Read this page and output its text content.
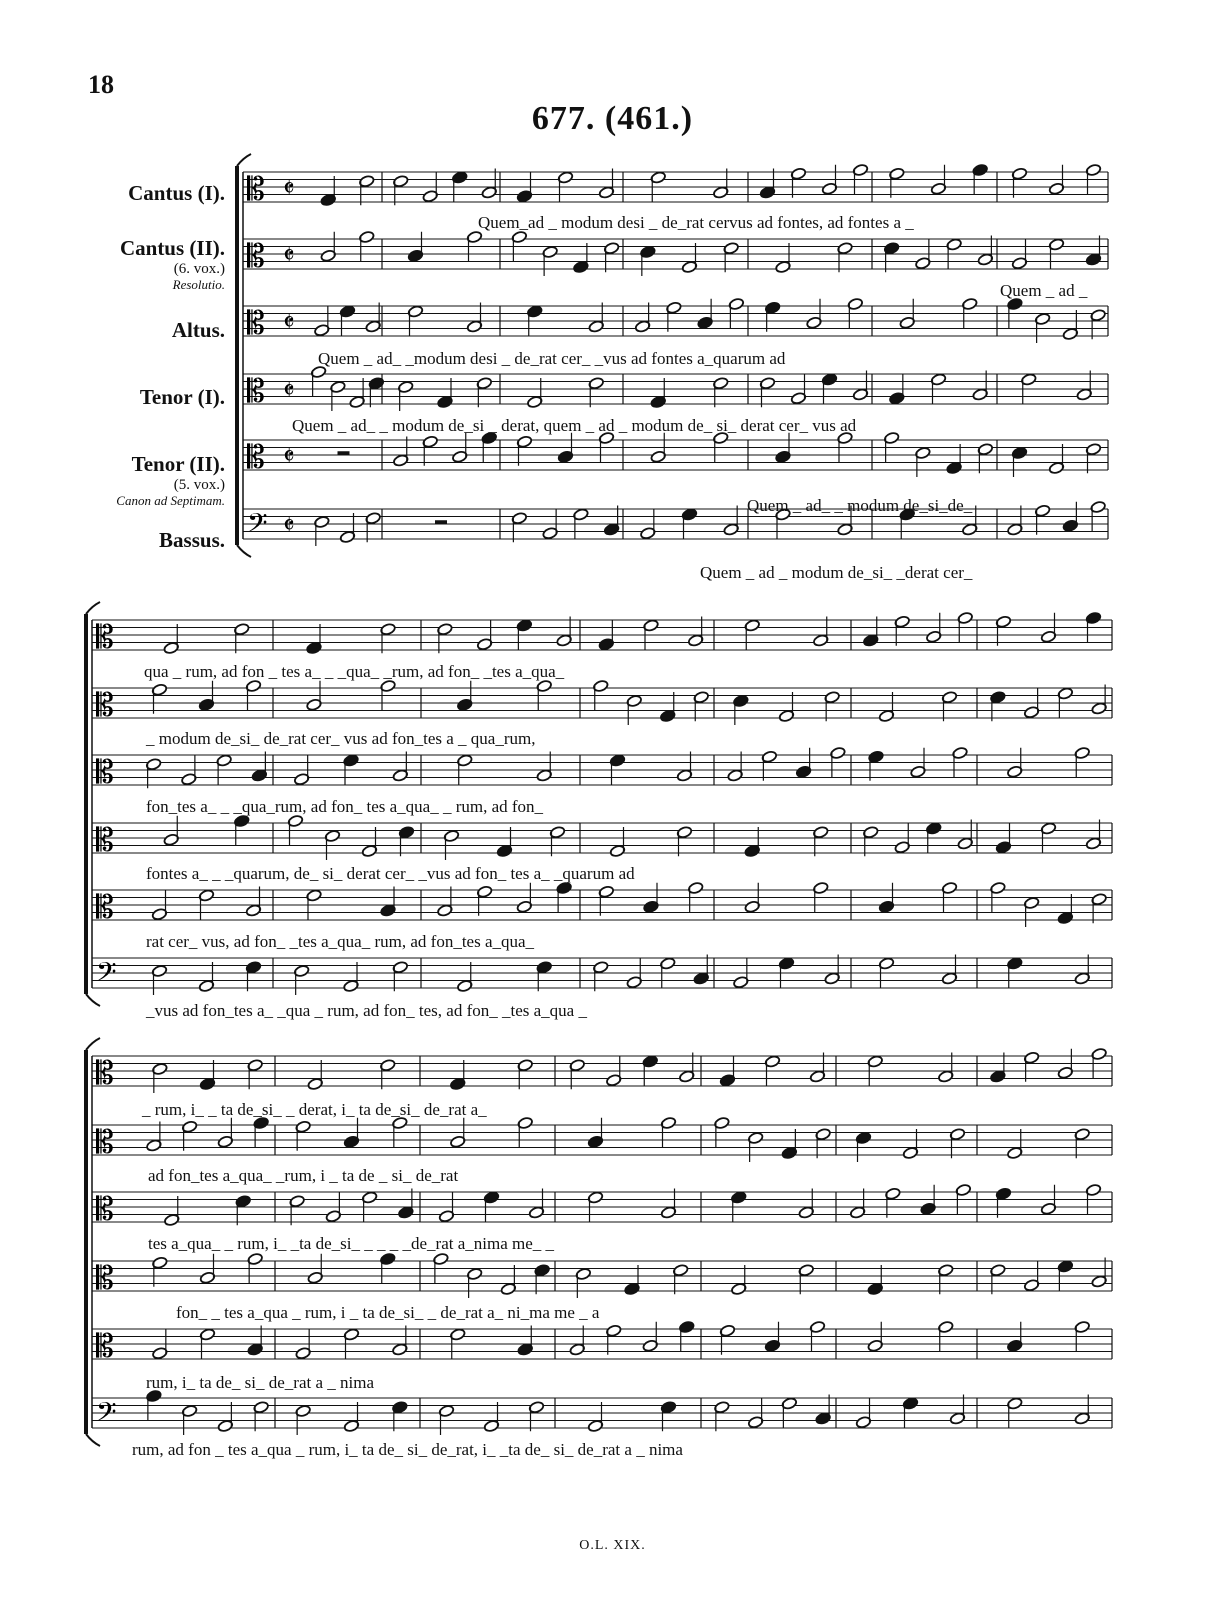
18
677. (461.)
Cantus (I).
Cantus (II).
(6. vox.)
Resolutio.
Altus.
Tenor (I).
Tenor (II).
(5. vox.)
Canon ad Septimam.
Bassus.
𝄡 𝄵
𝄡 𝄵
𝄡 𝄵
𝄡 𝄵
𝄡 𝄵
𝄢 𝄵
𝄡
𝄡
𝄡
𝄡
𝄡
𝄢
𝄡
𝄡
𝄡
𝄡
𝄡
𝄢
Quem_ad _ modum desi _ de_rat cervus ad fontes, ad fontes a _
Quem _ ad _
Quem _ ad_ _modum desi _ de_rat cer_ _vus ad fontes a_quarum ad
Quem _ ad_ _ modum de_si _ derat, quem _ ad _ modum de_ si_ derat cer_ vus ad
Quem _ ad_ _ modum de_si_de_
Quem _ ad _ modum de_si_ _derat cer_
qua _ rum, ad fon _ tes a_ _ _qua_ _rum, ad fon_ _tes a_qua_
_ modum de_si_ de_rat cer_ vus ad fon_tes a _ qua_rum,
fon_tes a_ _ _qua_rum, ad fon_ tes a_qua_ _ rum, ad fon_
fontes a_ _ _quarum, de_ si_ derat cer_ _vus ad fon_ tes a_ _quarum ad
rat cer_ vus, ad fon_ _tes a_qua_ rum, ad fon_tes a_qua_
_vus ad fon_tes a_ _qua _ rum, ad fon_ tes, ad fon_ _tes a_qua _
_ rum, i_ _ ta de_si_ _ derat, i_ ta de_si_ de_rat a_
ad fon_tes a_qua_ _rum, i _ ta de _ si_ de_rat
tes a_qua_ _ rum, i_ _ta de_si_ _ _ _ _de_rat a_nima me_ _
fon_ _ tes a_qua _ rum, i _ ta de_si_ _ de_rat a_ ni_ma me _ a
rum, i_ ta de_ si_ de_rat a _ nima
rum, ad fon _ tes a_qua _ rum, i_ ta de_ si_ de_rat, i_ _ta de_ si_ de_rat a _ nima
O.L. XIX.
